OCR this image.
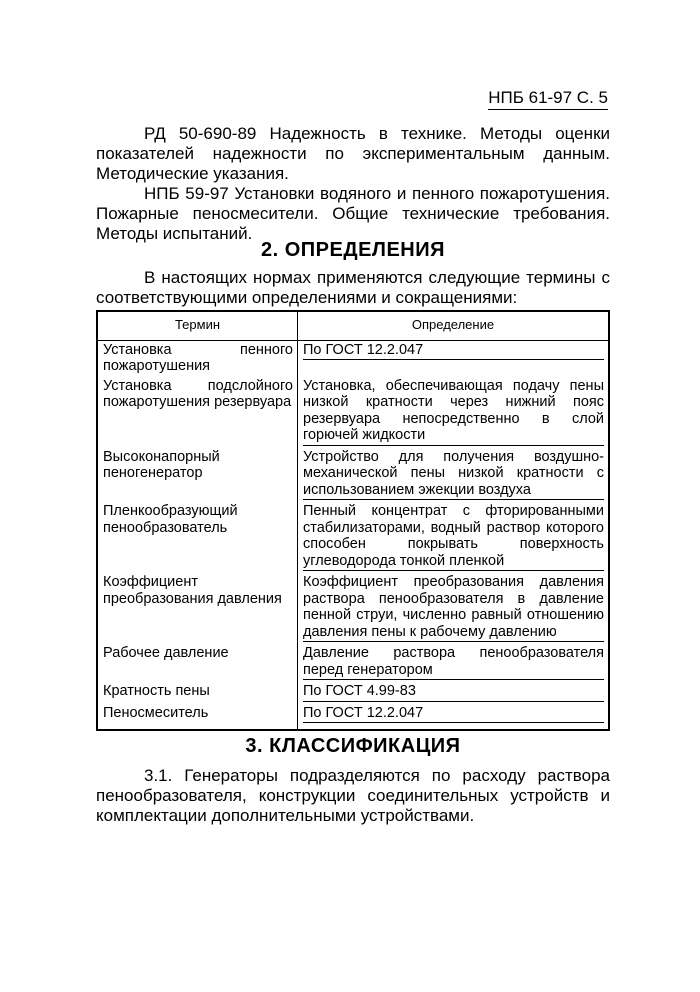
НПБ 61-97 С. 5

РД 50-690-89 Надежность в технике. Методы оценки показателей надежности по экспериментальным данным. Методические указания.

НПБ 59-97 Установки водяного и пенного пожаротушения. Пожарные пеносмесители. Общие технические требования. Методы испытаний.

2. ОПРЕДЕЛЕНИЯ

В настоящих нормах применяются следующие термины с соответствующими определениями и сокращениями:

Термин	Определение
Установка пенного пожаротушения	По ГОСТ 12.2.047

Установка подслойного пожаротушения резервуара	Установка, обеспечивающая подачу пены низкой кратности через нижний пояс резервуара непосредственно в слой горючей жидкости

Высоконапорный пеногенератор	Устройство для получения воздушно-механической пены низкой кратности с использованием эжекции воздуха

Пленкообразующий пенообразователь	Пенный концентрат с фторированными стабилизаторами, водный раствор которого способен покрывать поверхность углеводорода тонкой пленкой

Коэффициент преобразования давления	Коэффициент преобразования давления раствора пенообразователя в давление пенной струи, численно равный отношению давления пены к рабочему давлению

Рабочее давление	Давление раствора пенообразователя перед генератором

Кратность пены	По ГОСТ 4.99-83

Пеносмеситель	По ГОСТ 12.2.047
3. КЛАССИФИКАЦИЯ

3.1. Генераторы подразделяются по расходу раствора пенообразователя, конструкции соединительных устройств и комплектации дополнительными устройствами.
